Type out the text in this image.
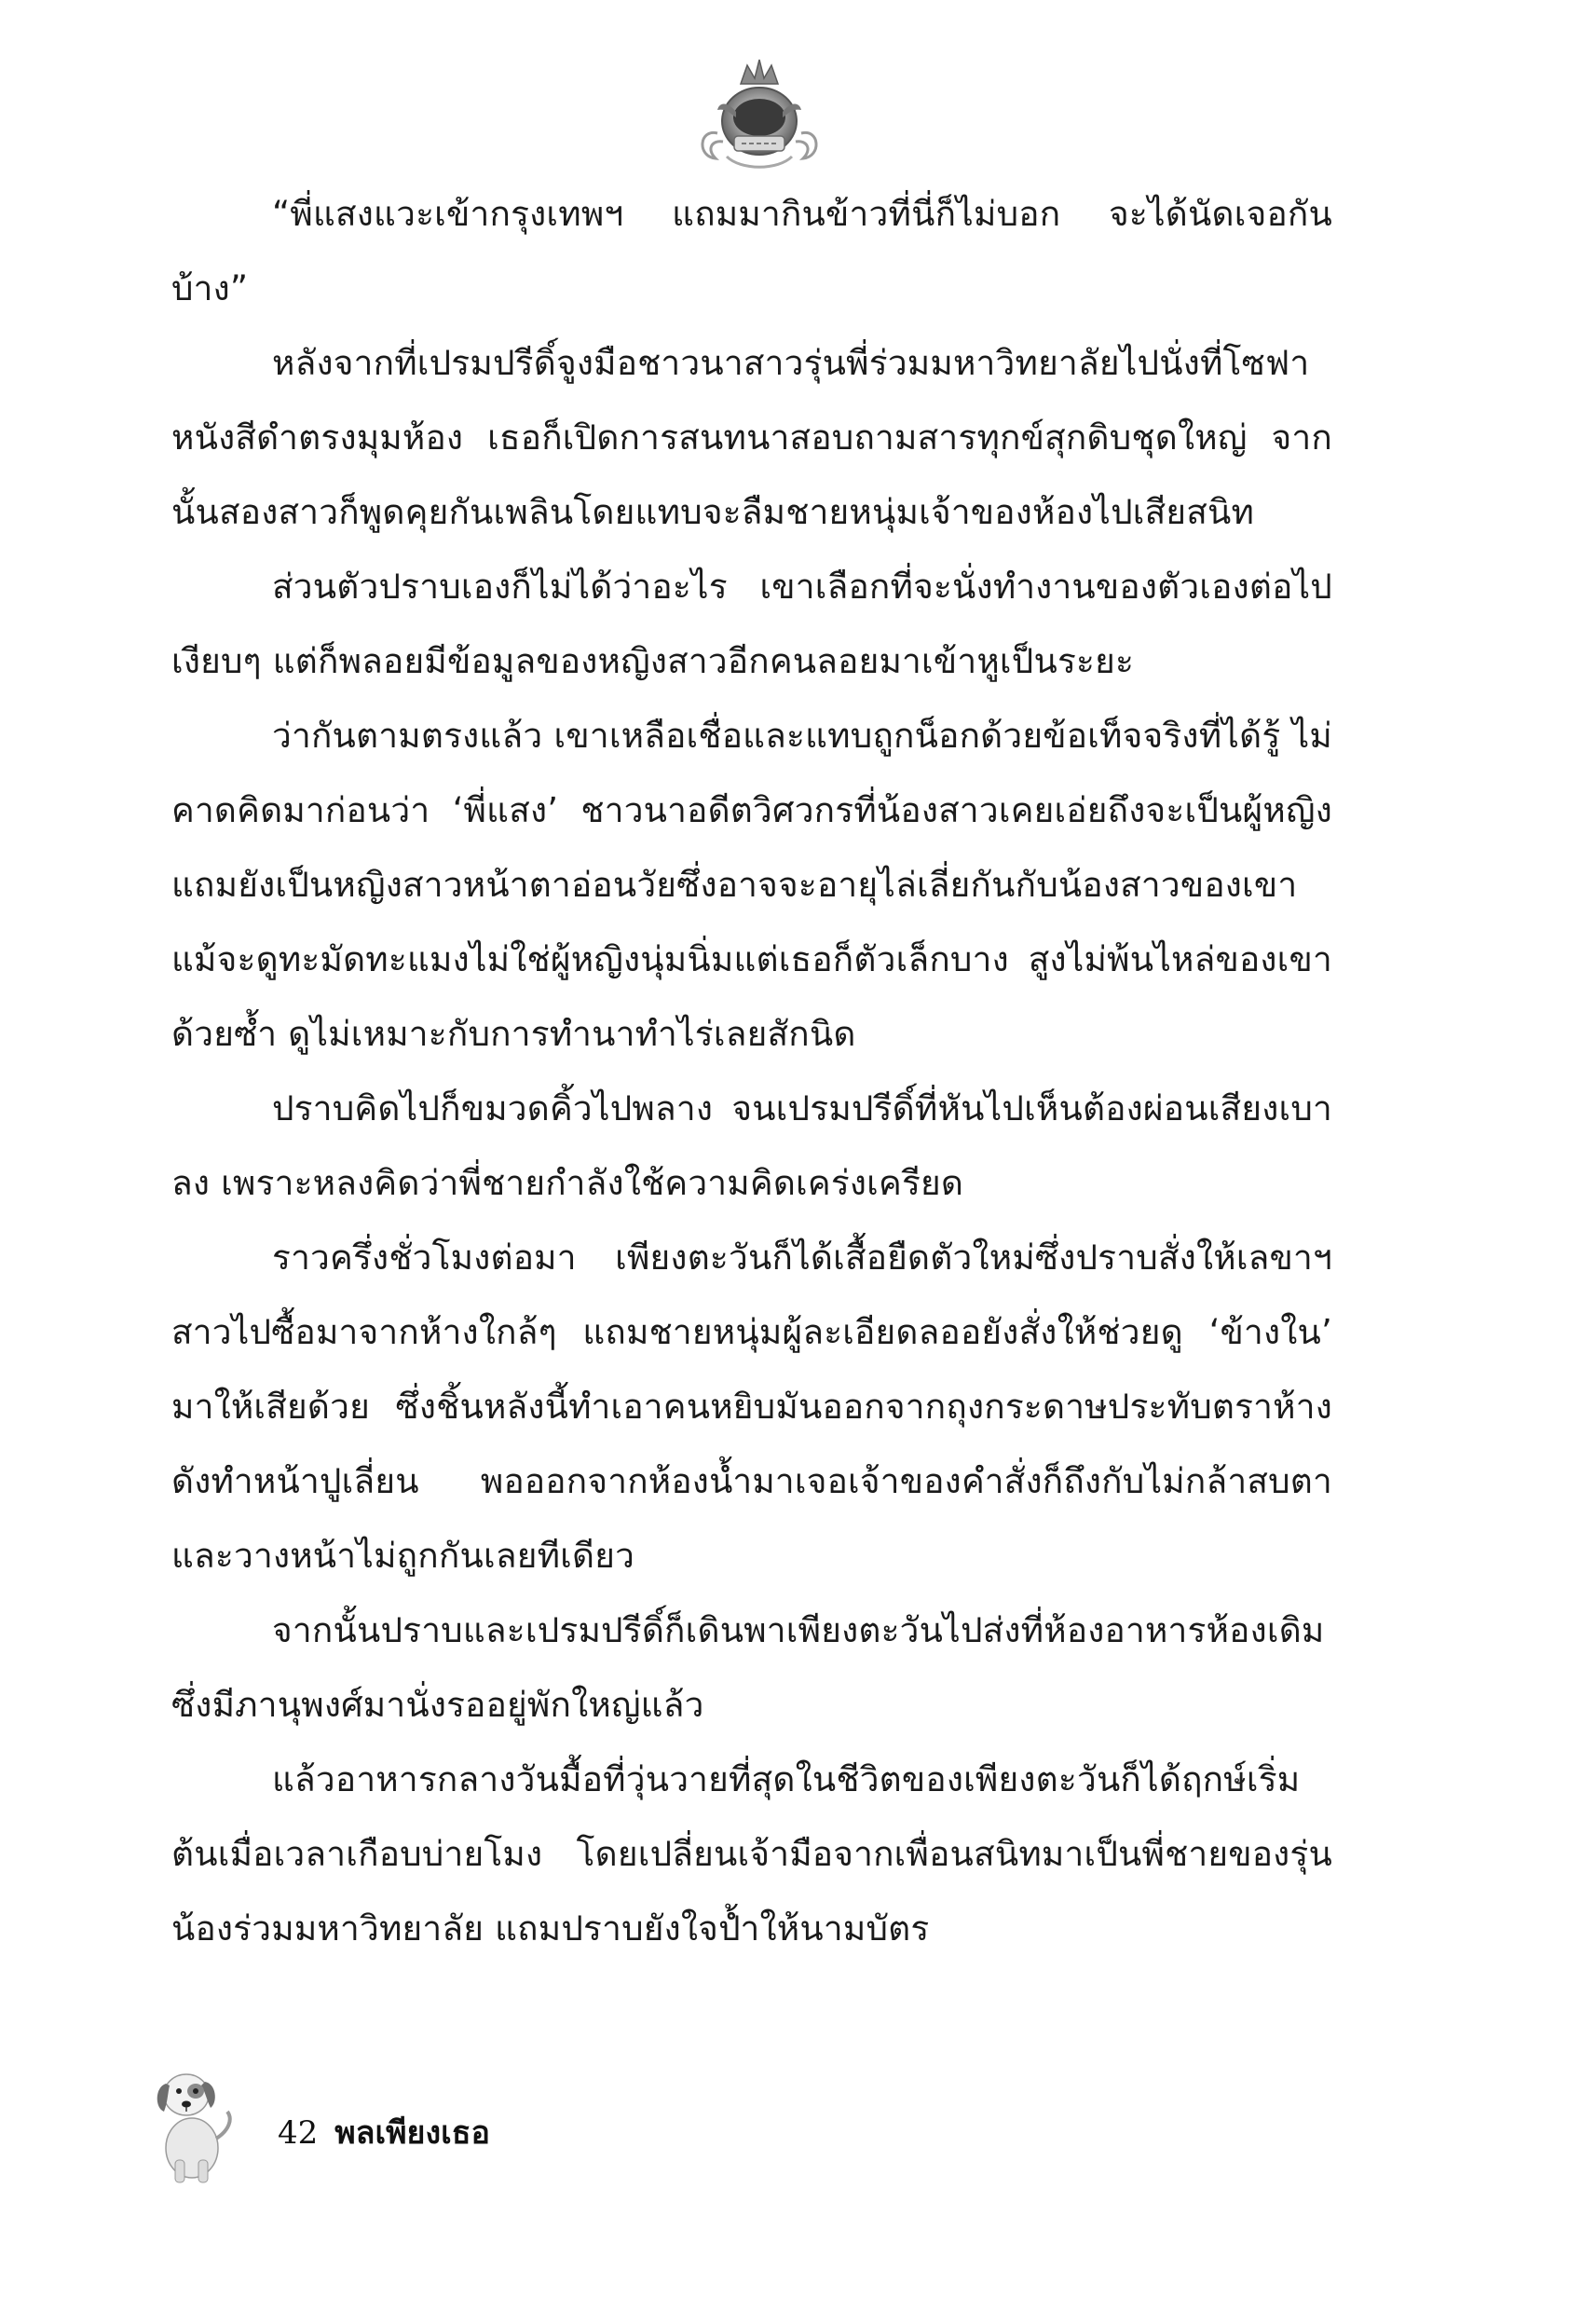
“พี่แสงแวะเข้ากรุงเทพฯ แถมมากินข้าวที่นี่ก็ไม่บอก จะได้นัดเจอกันบ้าง”

หลังจากที่เปรมปรีดิ์จูงมือชาวนาสาวรุ่นพี่ร่วมมหาวิทยาลัยไปนั่งที่โซฟาหนังสีดำตรงมุมห้อง เธอก็เปิดการสนทนาสอบถามสารทุกข์สุกดิบชุดใหญ่ จากนั้นสองสาวก็พูดคุยกันเพลินโดยแทบจะลืมชายหนุ่มเจ้าของห้องไปเสียสนิท

ส่วนตัวปราบเองก็ไม่ได้ว่าอะไร เขาเลือกที่จะนั่งทำงานของตัวเองต่อไปเงียบๆ แต่ก็พลอยมีข้อมูลของหญิงสาวอีกคนลอยมาเข้าหูเป็นระยะ

ว่ากันตามตรงแล้ว เขาเหลือเชื่อและแทบถูกน็อกด้วยข้อเท็จจริงที่ได้รู้ ไม่คาดคิดมาก่อนว่า ‘พี่แสง’ ชาวนาอดีตวิศวกรที่น้องสาวเคยเอ่ยถึงจะเป็นผู้หญิง แถมยังเป็นหญิงสาวหน้าตาอ่อนวัยซึ่งอาจจะอายุไล่เลี่ยกันกับน้องสาวของเขา แม้จะดูทะมัดทะแมงไม่ใช่ผู้หญิงนุ่มนิ่มแต่เธอก็ตัวเล็กบาง สูงไม่พ้นไหล่ของเขาด้วยซ้ำ ดูไม่เหมาะกับการทำนาทำไร่เลยสักนิด

ปราบคิดไปก็ขมวดคิ้วไปพลาง จนเปรมปรีดิ์ที่หันไปเห็นต้องผ่อนเสียงเบาลง เพราะหลงคิดว่าพี่ชายกำลังใช้ความคิดเคร่งเครียด

ราวครึ่งชั่วโมงต่อมา เพียงตะวันก็ได้เสื้อยืดตัวใหม่ซึ่งปราบสั่งให้เลขาฯ สาวไปซื้อมาจากห้างใกล้ๆ แถมชายหนุ่มผู้ละเอียดลออยังสั่งให้ช่วยดู ‘ข้างใน’ มาให้เสียด้วย ซึ่งชิ้นหลังนี้ทำเอาคนหยิบมันออกจากถุงกระดาษประทับตราห้างดังทำหน้าปูเลี่ยน พอออกจากห้องน้ำมาเจอเจ้าของคำสั่งก็ถึงกับไม่กล้าสบตา และวางหน้าไม่ถูกกันเลยทีเดียว

จากนั้นปราบและเปรมปรีดิ์ก็เดินพาเพียงตะวันไปส่งที่ห้องอาหารห้องเดิมซึ่งมีภานุพงศ์มานั่งรออยู่พักใหญ่แล้ว

แล้วอาหารกลางวันมื้อที่วุ่นวายที่สุดในชีวิตของเพียงตะวันก็ได้ฤกษ์เริ่มต้นเมื่อเวลาเกือบบ่ายโมง โดยเปลี่ยนเจ้ามือจากเพื่อนสนิทมาเป็นพี่ชายของรุ่นน้องร่วมมหาวิทยาลัย แถมปราบยังใจป้ำให้นามบัตร

42 พลเพียงเธอ
